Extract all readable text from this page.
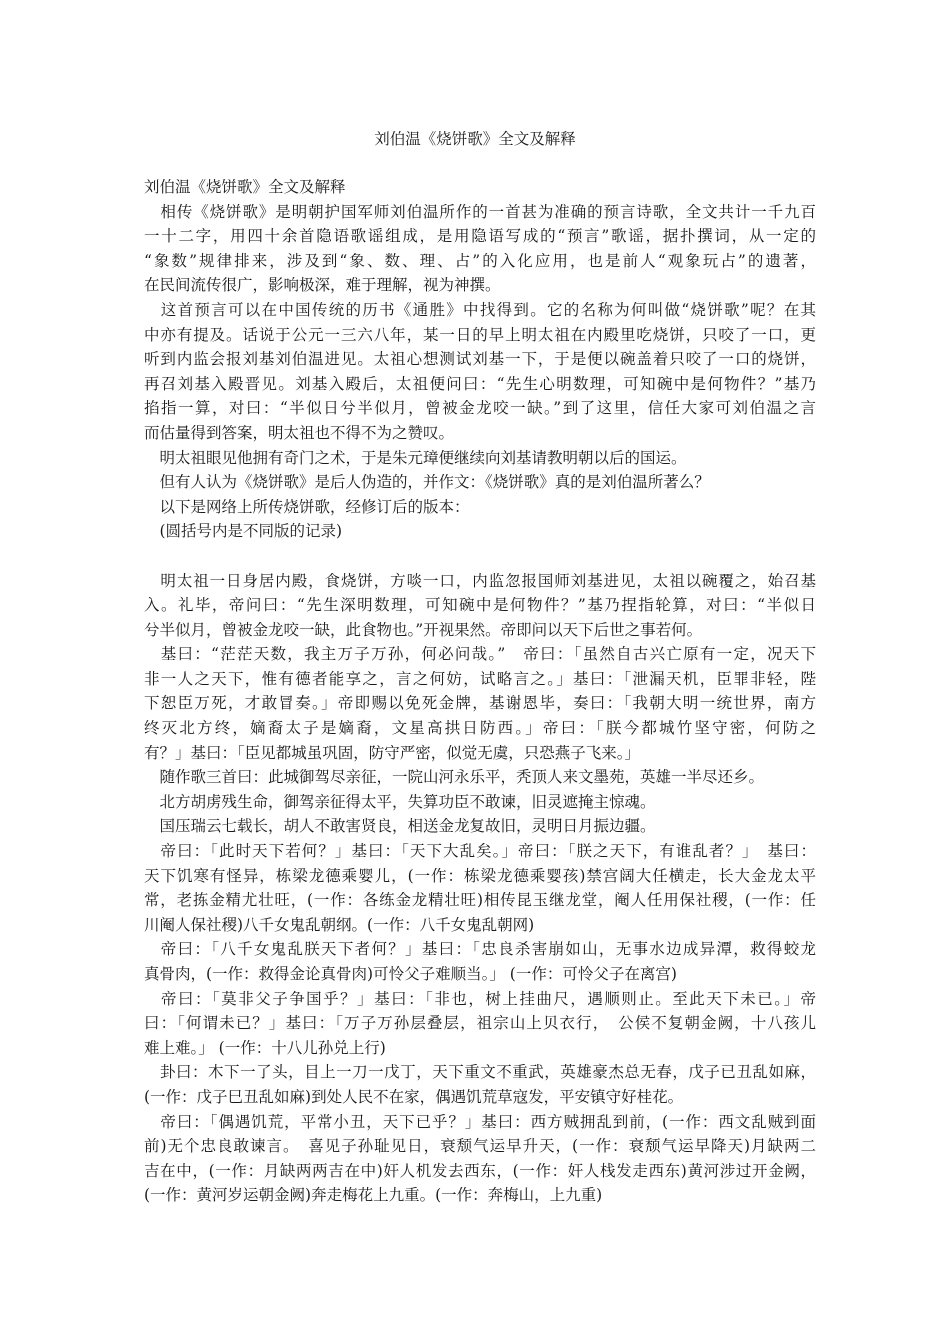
刘伯温《烧饼歌》全文及解释
刘伯温《烧饼歌》全文及解释
　相传《烧饼歌》是明朝护国军师刘伯温所作的一首甚为准确的预言诗歌，全文共计一千九百
一十二字，用四十余首隐语歌谣组成，是用隐语写成的“预言”歌谣，据扑撰词，从一定的
“象数”规律排来，涉及到“象、数、理、占”的入化应用，也是前人“观象玩占”的遗著，
在民间流传很广，影响极深，难于理解，视为神撰。
　这首预言可以在中国传统的历书《通胜》中找得到。它的名称为何叫做“烧饼歌”呢？在其
中亦有提及。话说于公元一三六八年，某一日的早上明太祖在内殿里吃烧饼，只咬了一口，更
听到内监会报刘基刘伯温进见。太祖心想测试刘基一下，于是便以碗盖着只咬了一口的烧饼，
再召刘基入殿晋见。刘基入殿后，太祖便问曰：“先生心明数理，可知碗中是何物件？”基乃
掐指一算，对曰：“半似日兮半似月，曾被金龙咬一缺。”到了这里，信任大家可刘伯温之言
而估量得到答案，明太祖也不得不为之赞叹。
　明太祖眼见他拥有奇门之术，于是朱元璋便继续向刘基请教明朝以后的国运。
　但有人认为《烧饼歌》是后人伪造的，并作文：《烧饼歌》真的是刘伯温所著么？
　以下是网络上所传烧饼歌，经修订后的版本：
　(圆括号内是不同版的记录)
　明太祖一日身居内殿，食烧饼，方啖一口，内监忽报国师刘基进见，太祖以碗覆之，始召基
入。礼毕，帝问曰：“先生深明数理，可知碗中是何物件？”基乃捏指轮算，对曰：“半似日
兮半似月，曾被金龙咬一缺，此食物也。”开视果然。帝即问以天下后世之事若何。
　基曰：“茫茫天数，我主万子万孙，何必问哉。”　帝曰：「虽然自古兴亡原有一定，况天下
非一人之天下，惟有德者能享之，言之何妨，试略言之。」基曰：「泄漏天机，臣罪非轻，陛
下恕臣万死，才敢冒奏。」帝即赐以免死金牌，基谢恩毕，奏曰：「我朝大明一统世界，南方
终灭北方终，嫡裔太子是嫡裔，文星高拱日防西。」帝曰：「朕今都城竹坚守密，何防之
有？」基曰：「臣见都城虽巩固，防守严密，似觉无虞，只恐燕子飞来。」
　随作歌三首曰：此城御驾尽亲征，一院山河永乐平，秃顶人来文墨苑，英雄一半尽还乡。
　北方胡虏残生命，御驾亲征得太平，失算功臣不敢谏，旧灵遮掩主惊魂。
　国压瑞云七载长，胡人不敢害贤良，相送金龙复故旧，灵明日月振边疆。
　帝曰：「此时天下若何？」基曰：「天下大乱矣。」帝曰：「朕之天下，有谁乱者？」　基曰：
天下饥寒有怪异，栋梁龙德乘婴儿，(一作：栋梁龙德乘婴孩)禁宫阔大任横走，长大金龙太平
常，老拣金精尤壮旺，(一作：各练金龙精壮旺)相传昆玉继龙堂，阉人任用保社稷，(一作：任
川阉人保社稷)八千女鬼乱朝纲。(一作：八千女鬼乱朝网)
　帝曰：「八千女鬼乱朕天下者何？」基曰：「忠良杀害崩如山，无事水边成异潭，救得蛟龙
真骨肉，(一作：救得金论真骨肉)可怜父子难顺当。」 (一作：可怜父子在离宫)
　帝曰：「莫非父子争国乎？」基曰：「非也，树上挂曲尺，遇顺则止。至此天下未已。」帝
曰：「何谓未已？」基曰：「万子万孙层叠层，祖宗山上贝衣行，　公侯不复朝金阙，十八孩儿
难上难。」 (一作：十八儿孙兑上行)
　卦曰：木下一了头，目上一刀一戊丁，天下重文不重武，英雄豪杰总无春，戊子已丑乱如麻，
(一作：戊子巳丑乱如麻)到处人民不在家，偶遇饥荒草寇发，平安镇守好桂花。
　帝曰：「偶遇饥荒，平常小丑，天下已乎？」基曰：西方贼拥乱到前，(一作：西文乱贼到面
前)无个忠良敢谏言。　喜见子孙耻见日，衰颓气运早升天，(一作：衰颓气运早降天)月缺两二
吉在中，(一作：月缺两两吉在中)奸人机发去西东，(一作：奸人栈发走西东)黄河涉过开金阙，
(一作：黄河岁运朝金阙)奔走梅花上九重。(一作：奔梅山，上九重)
